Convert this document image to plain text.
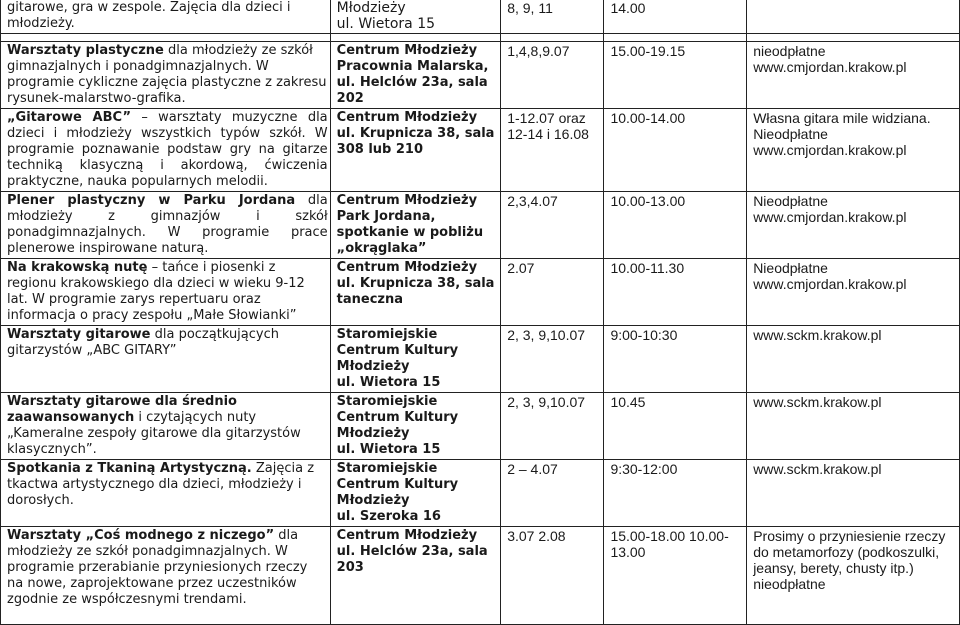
gitarowe, gra w zespole. Zajęcia dla dzieci i młodzieży.	Młodzieży
ul. Wietora 15	8, 9, 11	14.00	

Warsztaty plastyczne dla młodzieży ze szkół gimnazjalnych i ponadgimnazjalnych. W programie cykliczne zajęcia plastyczne z zakresu rysunek-malarstwo-grafika.	Centrum Młodzieży
Pracownia Malarska,
ul. Helclów 23a, sala 202	1,4,8,9.07	15.00-19.15	nieodpłatne www.cmjordan.krakow.pl
„Gitarowe ABC” – warsztaty muzyczne dla dzieci i młodzieży wszystkich typów szkół. W programie poznawanie podstaw gry na gitarze techniką klasyczną i akordową, ćwiczenia praktyczne, nauka popularnych melodii.	Centrum Młodzieży
ul. Krupnicza 38, sala 308 lub 210	1-12.07 oraz 12-14 i 16.08	10.00-14.00	Własna gitara mile widziana. Nieodpłatne www.cmjordan.krakow.pl
Plener plastyczny w Parku Jordana dla młodzieży z gimnazjów i szkół ponadgimnazjalnych. W programie prace plenerowe inspirowane naturą.	Centrum Młodzieży
Park Jordana, spotkanie w pobliżu „okrąglaka”	2,3,4.07	10.00-13.00	Nieodpłatne www.cmjordan.krakow.pl
Na krakowską nutę – tańce i piosenki z regionu krakowskiego dla dzieci w wieku 9-12 lat. W programie zarys repertuaru oraz informacja o pracy zespołu „Małe Słowianki”	Centrum Młodzieży
ul. Krupnicza 38, sala taneczna	2.07	10.00-11.30	Nieodpłatne www.cmjordan.krakow.pl
Warsztaty gitarowe dla początkujących gitarzystów „ABC GITARY”	Staromiejskie Centrum Kultury Młodzieży
ul. Wietora 15	2, 3, 9,10.07	9:00-10:30	www.sckm.krakow.pl
Warsztaty gitarowe dla średnio zaawansowanych i czytających nuty „Kameralne zespoły gitarowe dla gitarzystów klasycznych”.	Staromiejskie Centrum Kultury Młodzieży
ul. Wietora 15	2, 3, 9,10.07	10.45	www.sckm.krakow.pl
Spotkania z Tkaniną Artystyczną. Zajęcia z tkactwa artystycznego dla dzieci, młodzieży i dorosłych.	Staromiejskie Centrum Kultury Młodzieży
ul. Szeroka 16	2 – 4.07	9:30-12:00	www.sckm.krakow.pl
Warsztaty „Coś modnego z niczego” dla młodzieży ze szkół ponadgimnazjalnych. W programie przerabianie przyniesionych rzeczy na nowe, zaprojektowane przez uczestników zgodnie ze współczesnymi trendami.	Centrum Młodzieży
ul. Helclów 23a, sala 203	3.07 2.08	15.00-18.00 10.00-13.00	Prosimy o przyniesienie rzeczy do metamorfozy (podkoszulki, jeansy, berety, chusty itp.) nieodpłatne
